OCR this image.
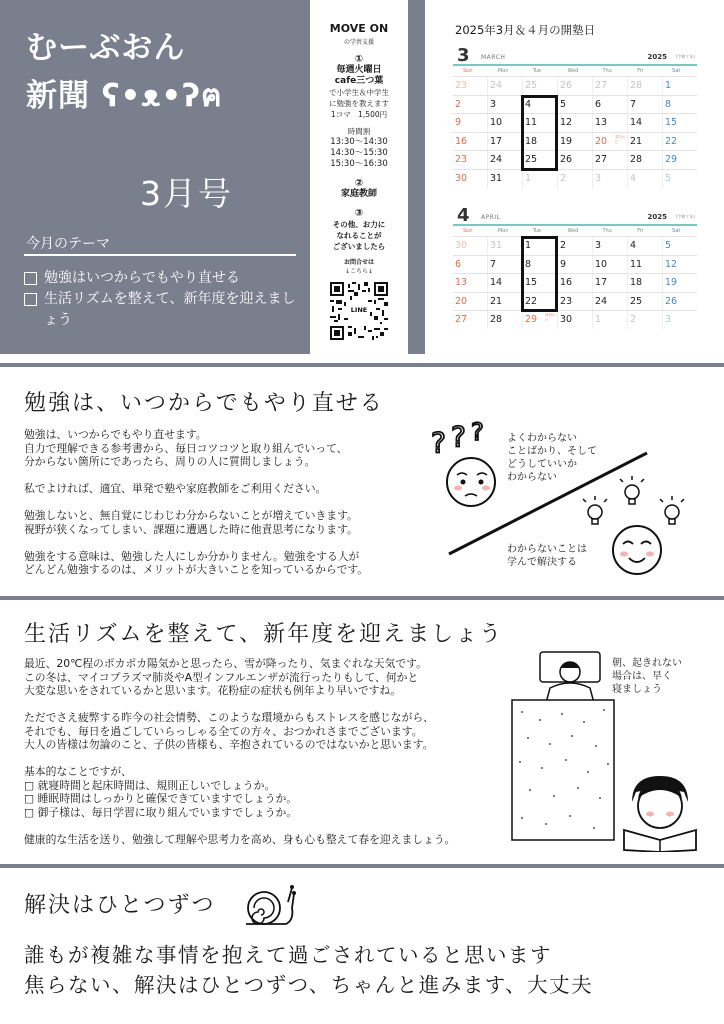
むーぶおん
新聞 ʕ•ᴥ•ʔฅ
3月号
今月のテーマ
勉強はいつからでもやり直せる
生活リズムを整えて、新年度を迎えましょう
MOVE ON
の学習支援
①
毎週火曜日
cafe三つ葉
で小学生＆中学生
に勉強を教えます
1コマ　1,500円
時間割
13:30〜14:30
14:30〜15:30
15:30〜16:30
②
家庭教師
③
その他、お力に
なれることが
ございましたら
お問合せは
↓こちら↓
LINE
2025年3月＆４月の開塾日
3 MARCH	2025 (令和７年)
Sun	Mon	Tue	Wed	Thu	Fri	Sat
23	24	25	26	27	28	1
2	3	4	5	6	7	8
9	10	11	12	13	14	15
16	17	18	19	20 春分の日	21	22
23	24	25	26	27	28	29
30	31	1	2	3	4	5
4 APRIL	2025 (令和７年)
Sun	Mon	Tue	Wed	Thu	Fri	Sat
30	31	1	2	3	4	5
6	7	8	9	10	11	12
13	14	15	16	17	18	19
20	21	22	23	24	25	26
27	28	29 昭和の日	30	1	2	3
勉強は、いつからでもやり直せる

勉強は、いつからでもやり直せます。
自力で理解できる参考書から、毎日コツコツと取り組んでいって、
分からない箇所にであったら、周りの人に質問しましょう。

私でよければ、適宜、単発で塾や家庭教師をご利用ください。

勉強しないと、無自覚にじわじわ分からないことが増えていきます。
視野が狭くなってしまい、課題に遭遇した時に他責思考になります。

勉強をする意味は、勉強した人にしか分かりません。勉強をする人が
どんどん勉強するのは、メリットが大きいことを知っているからです。

? ? ? よくわからない
ことばかり、そして
どうしていいか
わからない
わからないことは
学んで解決する
生活リズムを整えて、新年度を迎えましょう

最近、20℃程のポカポカ陽気かと思ったら、雪が降ったり、気まぐれな天気です。
この冬は、マイコプラズマ肺炎やA型インフルエンザが流行ったりもして、何かと
大変な思いをされているかと思います。花粉症の症状も例年より早いですね。

ただでさえ疲弊する昨今の社会情勢、このような環境からもストレスを感じながら、
それでも、毎日を過ごしていらっしゃる全ての方々、おつかれさまでございます。
大人の皆様は勿論のこと、子供の皆様も、辛抱されているのではないかと思います。

基本的なことですが、
□ 就寝時間と起床時間は、規則正しいでしょうか。
□ 睡眠時間はしっかりと確保できていますでしょうか。
□ 御子様は、毎日学習に取り組んでいますでしょうか。

健康的な生活を送り、勉強して理解や思考力を高め、身も心も整えて春を迎えましょう。

朝、起きれない
場合は、早く
寝ましょう
解決はひとつずつ
誰もが複雑な事情を抱えて過ごされていると思います
焦らない、解決はひとつずつ、ちゃんと進みます、大丈夫
